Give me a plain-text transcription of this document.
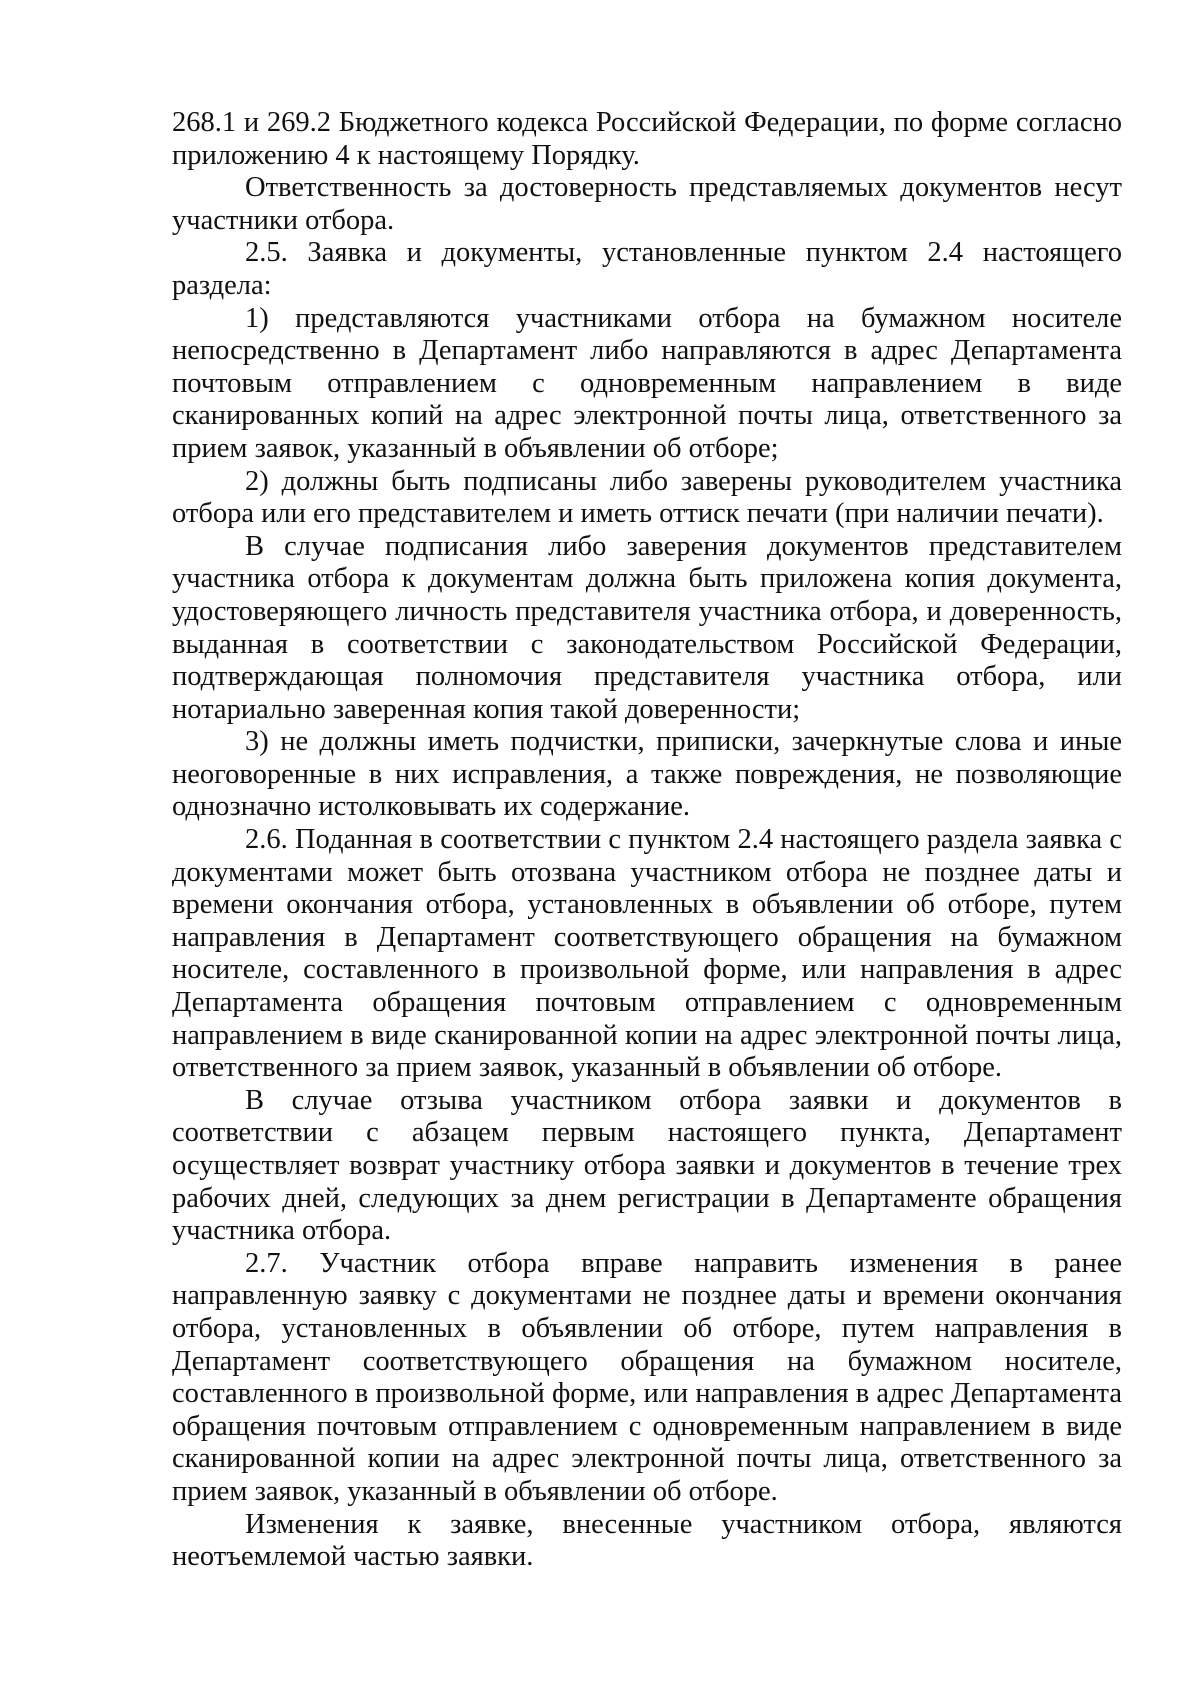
268.1 и 269.2 Бюджетного кодекса Российской Федерации, по форме согласно приложению 4 к настоящему Порядку.

Ответственность за достоверность представляемых документов несут участники отбора.

2.5. Заявка и документы, установленные пунктом 2.4 настоящего раздела:

1) представляются участниками отбора на бумажном носителе непосредственно в Департамент либо направляются в адрес Департамента почтовым отправлением с одновременным направлением в виде сканированных копий на адрес электронной почты лица, ответственного за прием заявок, указанный в объявлении об отборе;

2) должны быть подписаны либо заверены руководителем участника отбора или его представителем и иметь оттиск печати (при наличии печати).

В случае подписания либо заверения документов представителем участника отбора к документам должна быть приложена копия документа, удостоверяющего личность представителя участника отбора, и доверенность, выданная в соответствии с законодательством Российской Федерации, подтверждающая полномочия представителя участника отбора, или нотариально заверенная копия такой доверенности;

3) не должны иметь подчистки, приписки, зачеркнутые слова и иные неоговоренные в них исправления, а также повреждения, не позволяющие однозначно истолковывать их содержание.

2.6. Поданная в соответствии с пунктом 2.4 настоящего раздела заявка с документами может быть отозвана участником отбора не позднее даты и времени окончания отбора, установленных в объявлении об отборе, путем направления в Департамент соответствующего обращения на бумажном носителе, составленного в произвольной форме, или направления в адрес Департамента обращения почтовым отправлением с одновременным направлением в виде сканированной копии на адрес электронной почты лица, ответственного за прием заявок, указанный в объявлении об отборе.

В случае отзыва участником отбора заявки и документов в соответствии с абзацем первым настоящего пункта, Департамент осуществляет возврат участнику отбора заявки и документов в течение трех рабочих дней, следующих за днем регистрации в Департаменте обращения участника отбора.

2.7. Участник отбора вправе направить изменения в ранее направленную заявку с документами не позднее даты и времени окончания отбора, установленных в объявлении об отборе, путем направления в Департамент соответствующего обращения на бумажном носителе, составленного в произвольной форме, или направления в адрес Департамента обращения почтовым отправлением с одновременным направлением в виде сканированной копии на адрес электронной почты лица, ответственного за прием заявок, указанный в объявлении об отборе.

Изменения к заявке, внесенные участником отбора, являются неотъемлемой частью заявки.
